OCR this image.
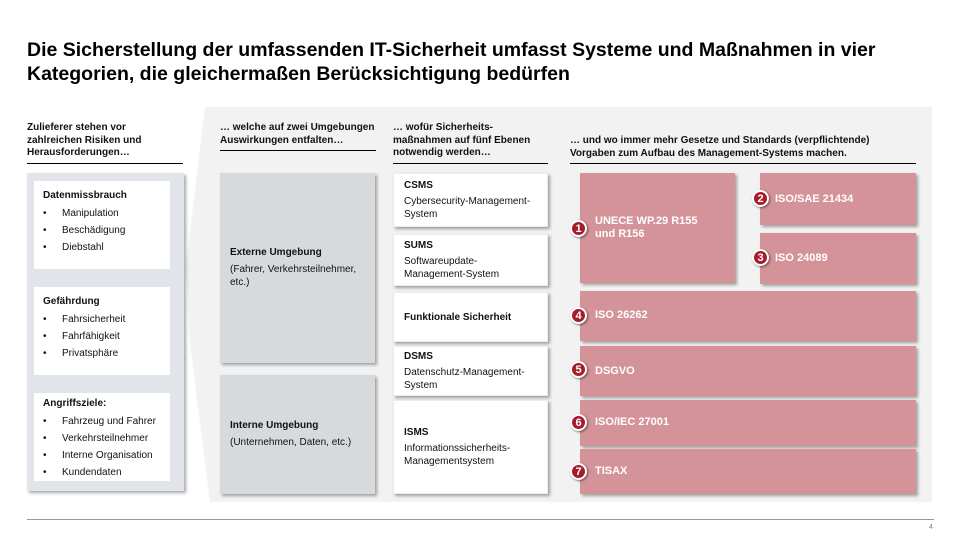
Die Sicherstellung der umfassenden IT-Sicherheit umfasst Systeme und Maßnahmen in vier Kategorien, die gleichermaßen Berücksichtigung bedürfen
Zulieferer stehen vor zahlreichen Risiken und Herausforderungen…
Datenmissbrauch
•	Manipulation
•	Beschädigung
•	Diebstahl
Gefährdung
•	Fahrsicherheit
•	Fahrfähigkeit
•	Privatsphäre
Angriffsziele:
•	Fahrzeug und Fahrer
•	Verkehrsteilnehmer
•	Interne Organisation
•	Kundendaten
… welche auf zwei Umgebungen Auswirkungen entfalten…
Externe Umgebung
(Fahrer, Verkehrsteilnehmer, etc.)
Interne Umgebung
(Unternehmen, Daten, etc.)
… wofür Sicherheits-maßnahmen auf fünf Ebenen notwendig werden…
CSMS
Cybersecurity-Management-System
SUMS
Softwareupdate-Management-System
Funktionale Sicherheit
DSMS
Datenschutz-Management-System
ISMS
Informationssicherheits-Managementsystem
… und wo immer mehr Gesetze und Standards (verpflichtende) Vorgaben zum Aufbau des Management-Systems machen.
UNECE WP.29 R155 und R156
1
ISO/SAE 21434
2
ISO 24089
3
ISO 26262
4
DSGVO
5
ISO/IEC 27001
6
TISAX
7
4
